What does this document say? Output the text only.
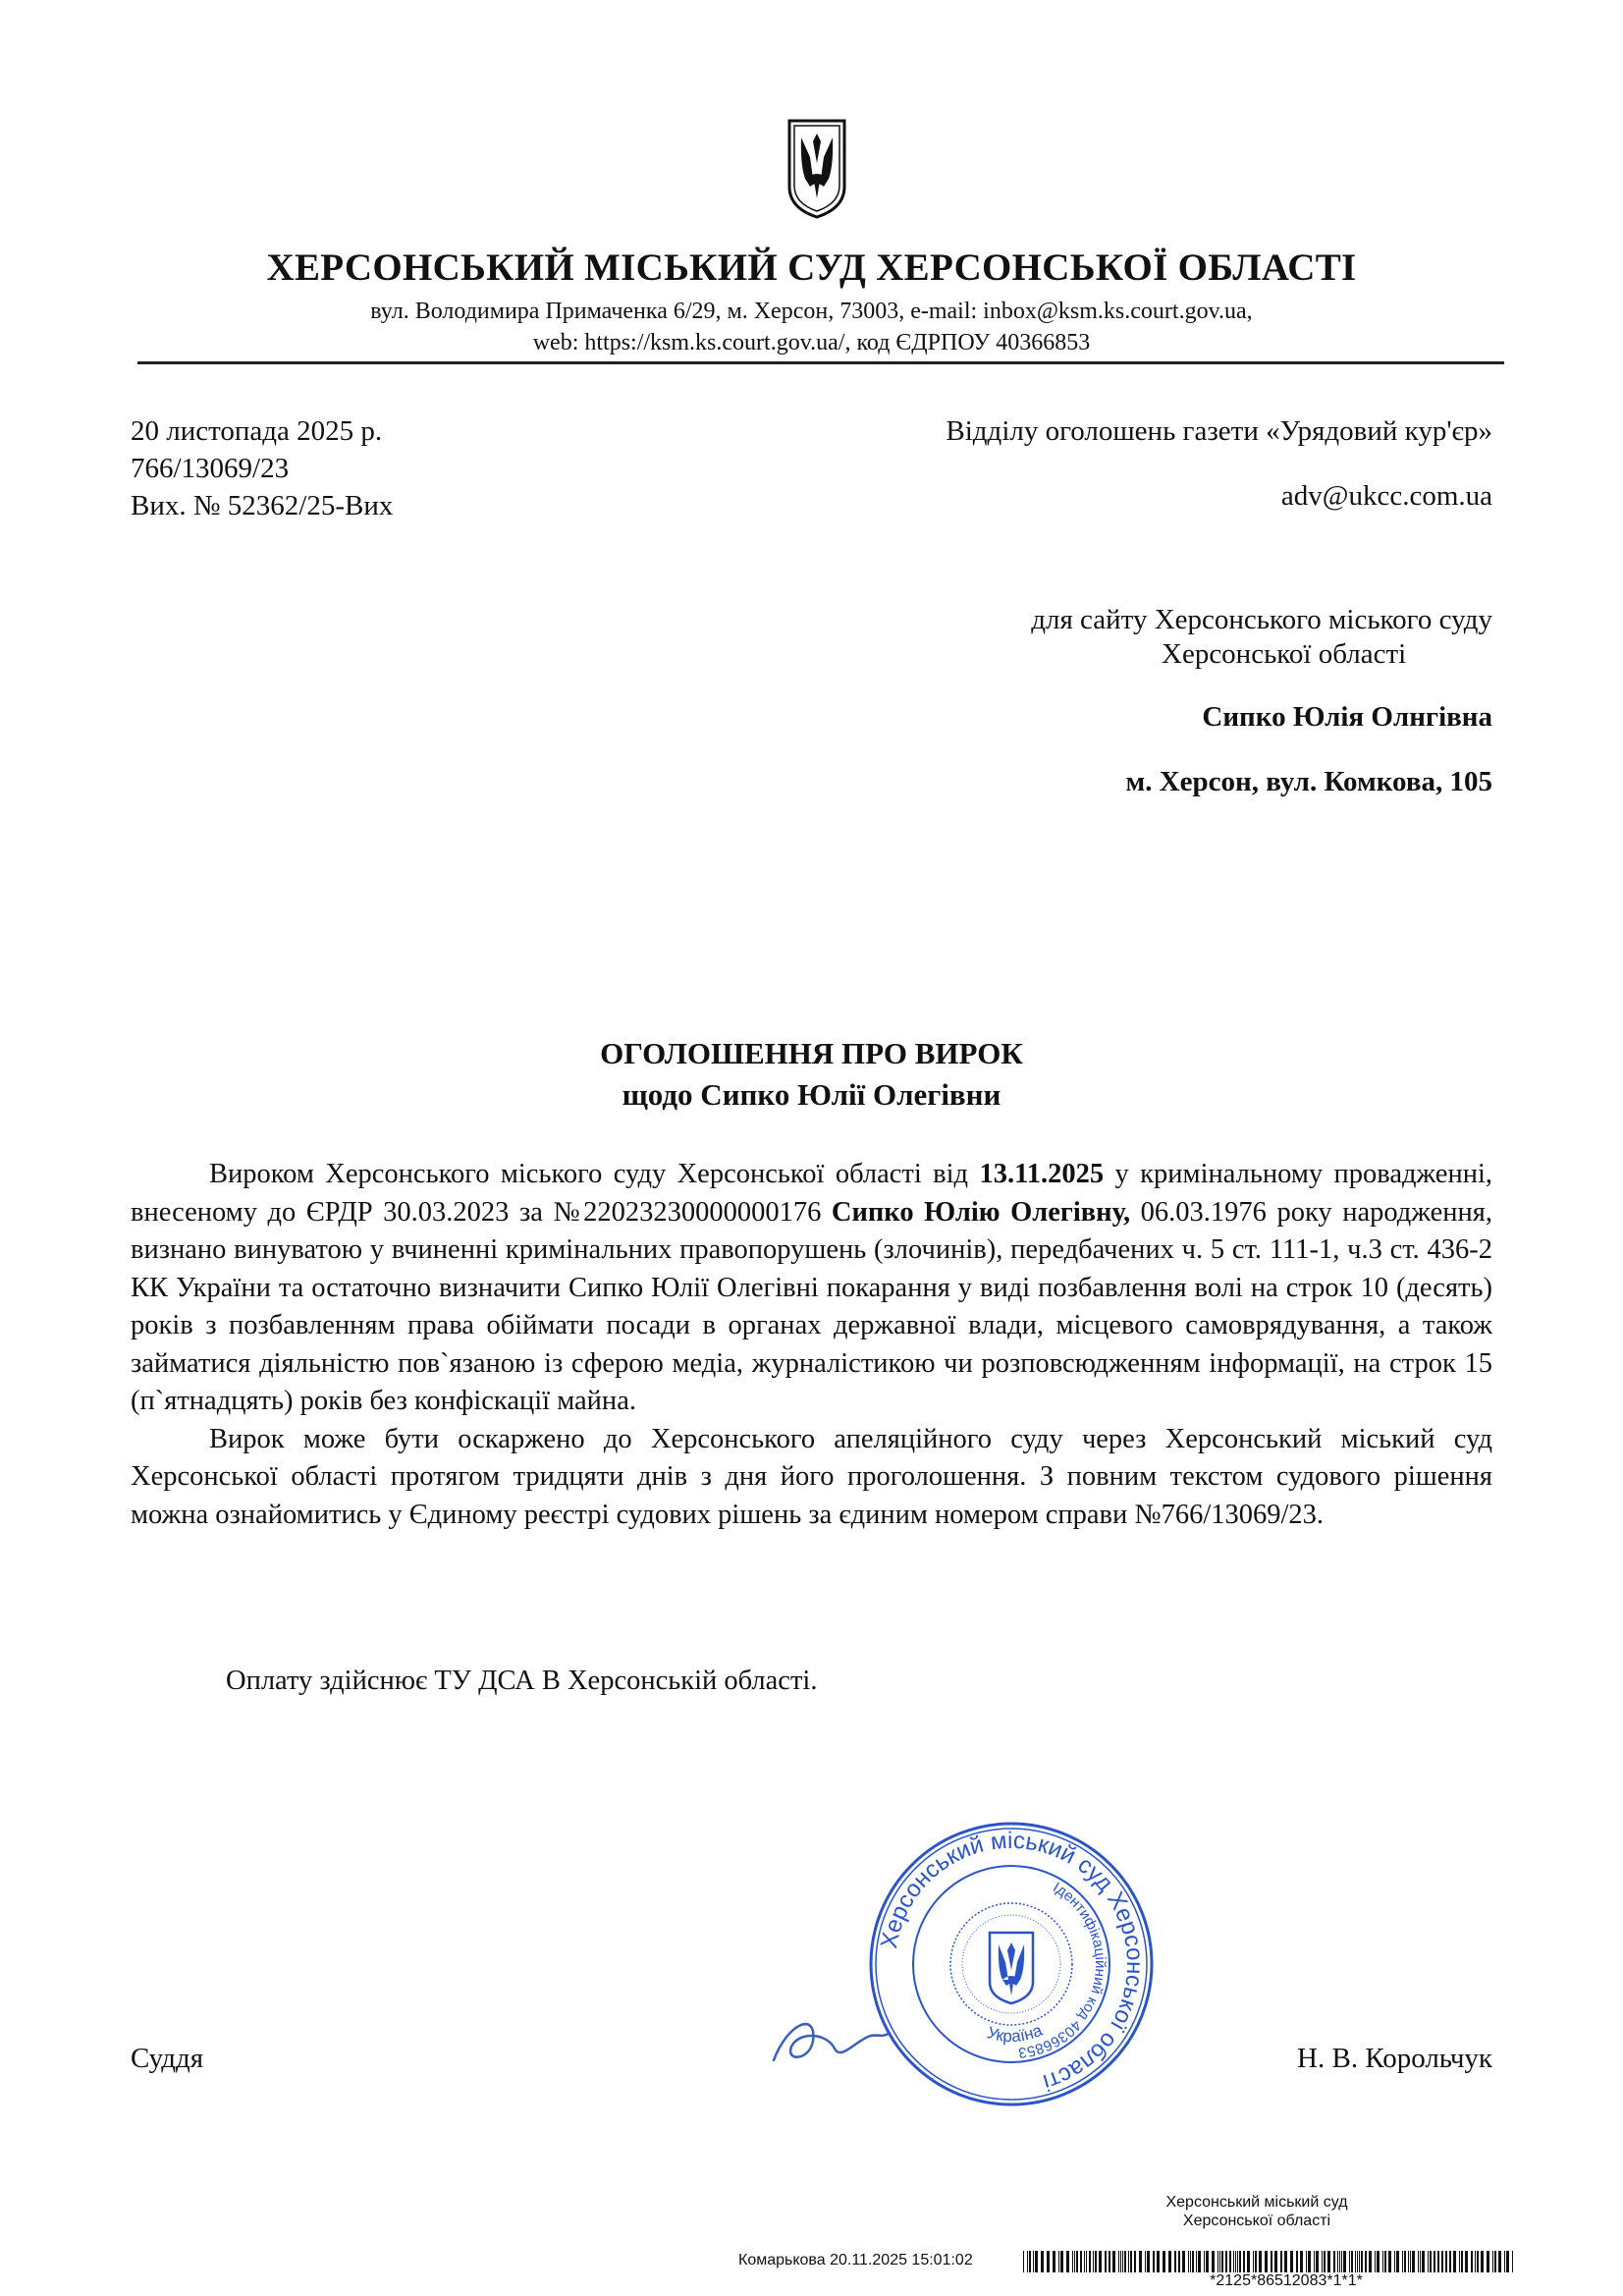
ХЕРСОНСЬКИЙ МІСЬКИЙ СУД ХЕРСОНСЬКОЇ ОБЛАСТІ
вул. Володимира Примаченка 6/29, м. Херсон, 73003, e-mail: inbox@ksm.ks.court.gov.ua,
web: https://ksm.ks.court.gov.ua/, код ЄДРПОУ 40366853
20 листопада 2025 р.
766/13069/23
Вих. № 52362/25-Вих
Відділу оголошень газети «Урядовий кур'єр»
adv@ukcc.com.ua
для сайту Херсонського міського суду
Херсонської області
Сипко Юлія Олнгівна
м. Херсон, вул. Комкова, 105
ОГОЛОШЕННЯ ПРО ВИРОК
щодо Сипко Юлії Олегівни

Вироком Херсонського міського суду Херсонської області від 13.11.2025 у кримінальному провадженні, внесеному до ЄРДР 30.03.2023 за №22023230000000176 Сипко Юлію Олегівну, 06.03.1976 року народження, визнано винуватою у вчиненні кримінальних правопорушень (злочинів), передбачених ч. 5 ст. 111-1, ч.3 ст. 436-2 КК України та остаточно визначити Сипко Юлії Олегівні покарання у виді позбавлення волі на строк 10 (десять) років з позбавленням права обіймати посади в органах державної влади, місцевого самоврядування, а також займатися діяльністю пов`язаною із сферою медіа, журналістикою чи розповсюдженням інформації, на строк 15 (п`ятнадцять) років без конфіскації майна.

Вирок може бути оскаржено до Херсонського апеляційного суду через Херсонський міський суд Херсонської області протягом тридцяти днів з дня його проголошення. З повним текстом судового рішення можна ознайомитись у Єдиному реєстрі судових рішень за єдиним номером справи №766/13069/23.

Оплату здійснює ТУ ДСА В Херсонській області.
Херсонський міський суд Херсонської області
Ідентифікаційний код 40366853
Україна
Суддя	Н. В. Корольчук
Херсонський міський суд
Херсонської області
Комарькова 20.11.2025 15:01:02
*2125*86512083*1*1*
